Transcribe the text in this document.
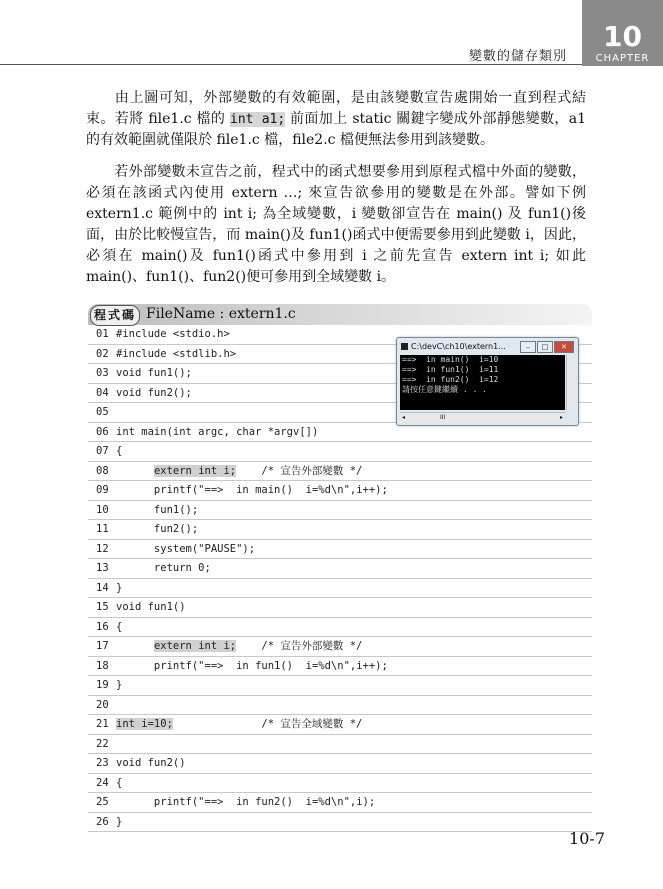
變數的儲存類別
10
CHAPTER
由上圖可知，外部變數的有效範圍，是由該變數宣告處開始一直到程式結束。若將 file1.c 檔的 int a1; 前面加上 static 關鍵字變成外部靜態變數，a1 的有效範圍就僅限於 file1.c 檔，file2.c 檔便無法參用到該變數。
若外部變數未宣告之前，程式中的函式想要參用到原程式檔中外面的變數，必須在該函式內使用 extern …; 來宣告欲參用的變數是在外部。譬如下例 extern1.c 範例中的 int i; 為全域變數，i 變數卻宣告在 main() 及 fun1()後面，由於比較慢宣告，而 main()及 fun1()函式中便需要參用到此變數 i，因此，必須在 main()及 fun1()函式中參用到 i 之前先宣告 extern int i; 如此 main()、fun1()、fun2()便可參用到全域變數 i。
程式碼 FileName : extern1.c
01 #include <stdio.h>
02 #include <stdlib.h>
03 void fun1();
04 void fun2();
05
06 int main(int argc, char *argv[])
07 {
08	extern int i;    /* 宣告外部變數 */
09 printf("==>  in main()  i=%d\n",i++);
10 fun1();
11 fun2();
12 system("PAUSE");
13 return 0;
14 }
15 void fun1()
16 {
17	extern int i;    /* 宣告外部變數 */
18 printf("==>  in fun1()  i=%d\n",i++);
19 }
20
21 int i=10;              /* 宣告全域變數 */
22
23 void fun2()
24 {
25 printf("==>  in fun2()  i=%d\n",i);
26 }
C:\devC\ch10\extern1...	– □ ✕
==>  in main()  i=10
==>  in fun1()  i=11
==>  in fun2()  i=12
請按任意鍵繼續 . . .
◂	III	▸
10-7
